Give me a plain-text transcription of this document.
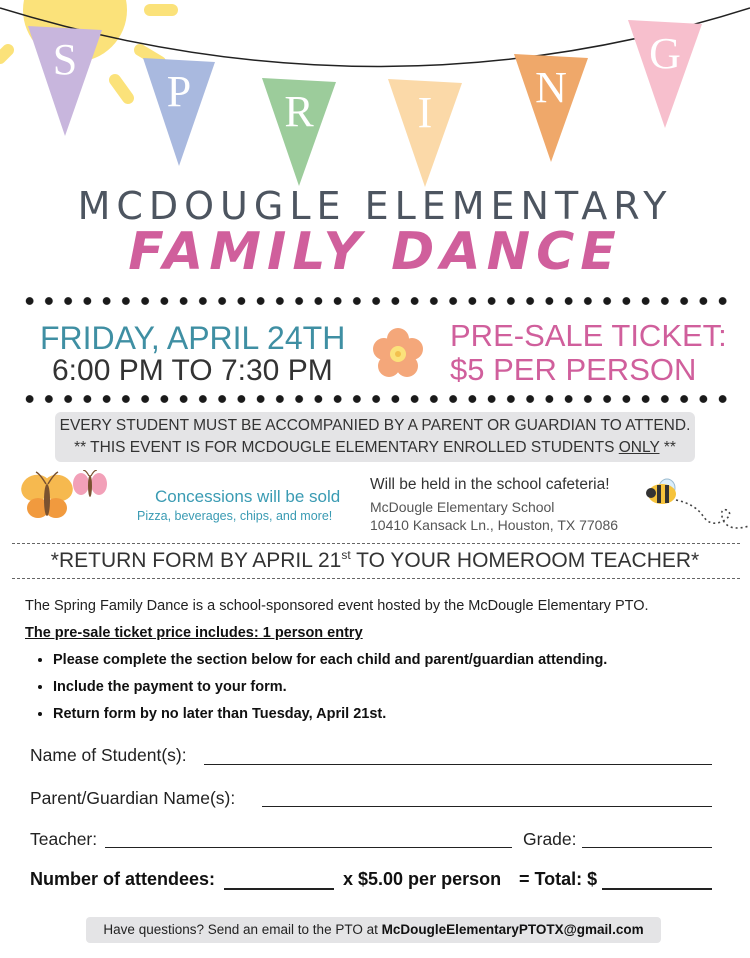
S
P R I
N
G
MCDOUGLE ELEMENTARY
FAMILY DANCE
FRIDAY, APRIL 24TH
6:00 PM TO 7:30 PM
PRE-SALE TICKET:
$5 PER PERSON
EVERY STUDENT MUST BE ACCOMPANIED BY A PARENT OR GUARDIAN TO ATTEND.
** THIS EVENT IS FOR MCDOUGLE ELEMENTARY ENROLLED STUDENTS ONLY **
Concessions will be sold
Pizza, beverages, chips, and more!
Will be held in the school cafeteria!
McDougle Elementary School
10410 Kansack Ln., Houston, TX 77086
*RETURN FORM BY APRIL 21st TO YOUR HOMEROOM TEACHER*
The Spring Family Dance is a school-sponsored event hosted by the McDougle Elementary PTO.
The pre-sale ticket price includes: 1 person entry
• Please complete the section below for each child and parent/guardian attending.
• Include the payment to your form.
• Return form by no later than Tuesday, April 21st.
Name of Student(s):
Parent/Guardian Name(s):
Teacher:	Grade:
Number of attendees:	x $5.00 per person = Total: $
Have questions? Send an email to the PTO at McDougleElementaryPTOTX@gmail.com
